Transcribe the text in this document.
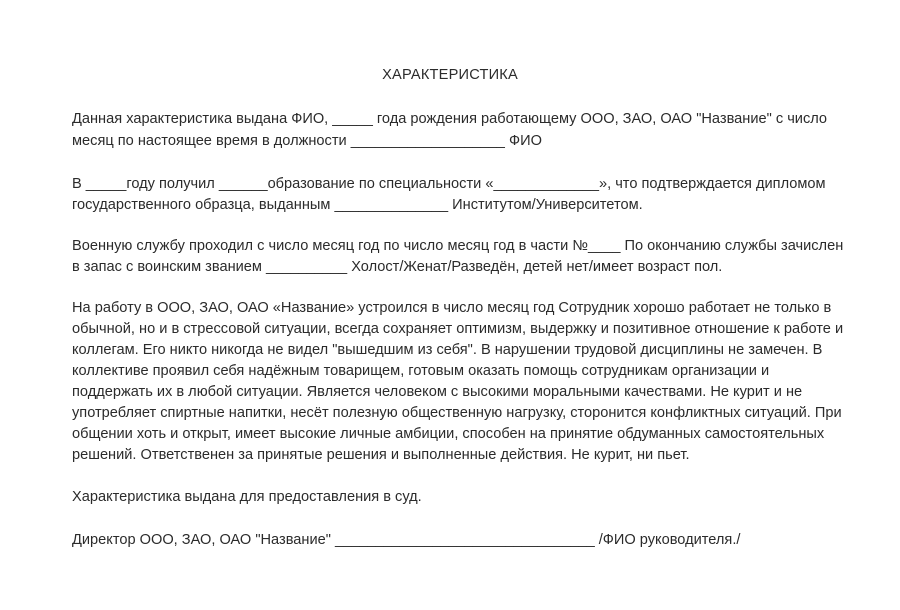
ХАРАКТЕРИСТИКА
Данная характеристика выдана ФИО, _____ года рождения работающему ООО, ЗАО, ОАО "Название" с число
месяц по настоящее время в должности ___________________ ФИО
В _____году получил ______образование по специальности «_____________», что подтверждается дипломом
государственного образца, выданным ______________ Институтом/Университетом.
Военную службу проходил с число месяц год по число месяц год в части №____ По окончанию службы зачислен
в запас с воинским званием __________ Холост/Женат/Разведён, детей нет/имеет возраст пол.
На работу в ООО, ЗАО, ОАО «Название» устроился в число месяц год Сотрудник хорошо работает не только в
обычной, но и в стрессовой ситуации, всегда сохраняет оптимизм, выдержку и позитивное отношение к работе и
коллегам. Его никто никогда не видел "вышедшим из себя". В нарушении трудовой дисциплины не замечен. В
коллективе проявил себя надёжным товарищем, готовым оказать помощь сотрудникам организации и
поддержать их в любой ситуации. Является человеком с высокими моральными качествами. Не курит и не
употребляет спиртные напитки, несёт полезную общественную нагрузку, сторонится конфликтных ситуаций. При
общении хоть и открыт, имеет высокие личные амбиции, способен на принятие обдуманных самостоятельных
решений. Ответственен за принятые решения и выполненные действия. Не курит, ни пьет.
Характеристика выдана для предоставления в суд.
Директор ООО, ЗАО, ОАО "Название" ________________________________ /ФИО руководителя./
